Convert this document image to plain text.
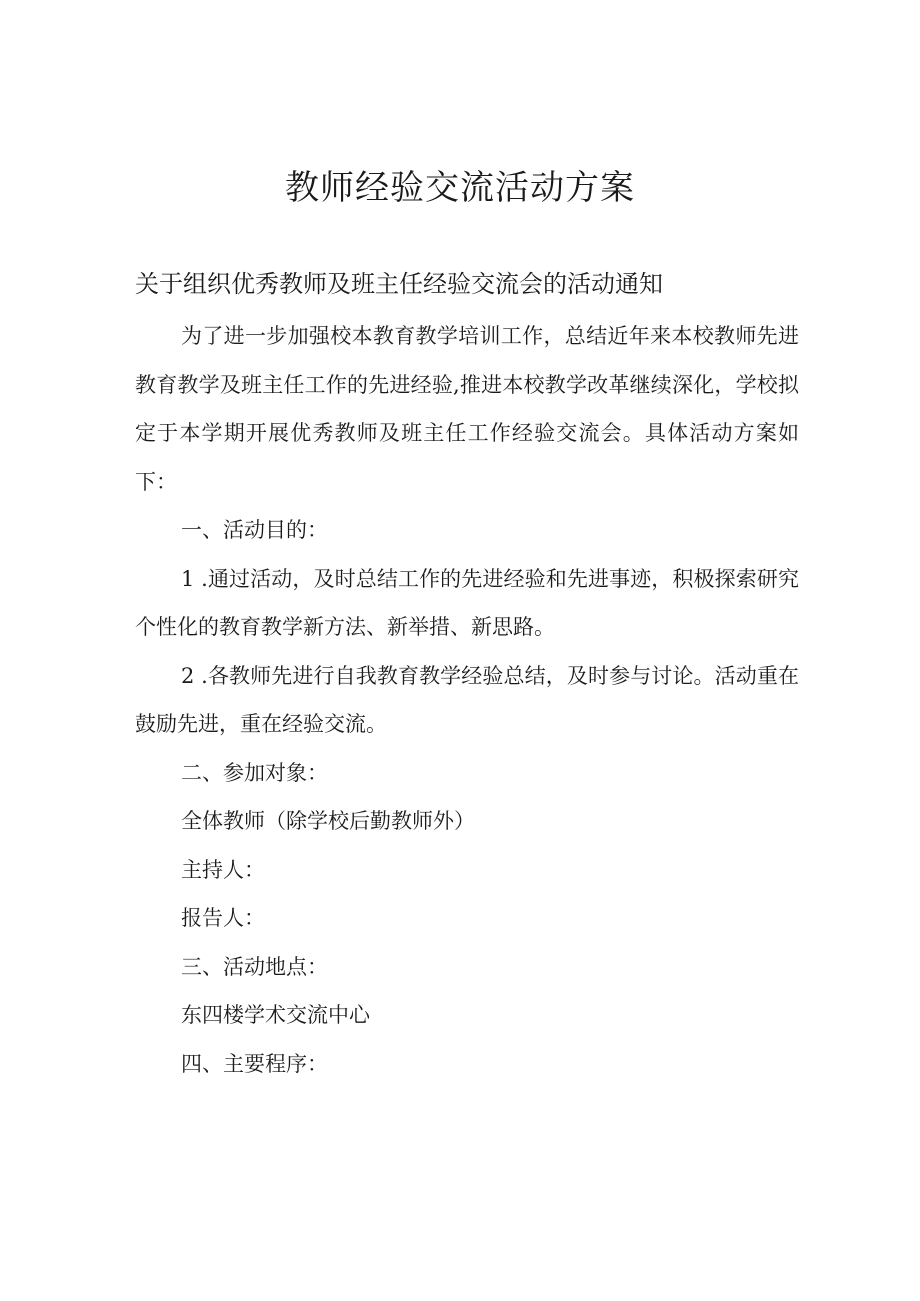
教师经验交流活动方案
关于组织优秀教师及班主任经验交流会的活动通知

为了进一步加强校本教育教学培训工作，总结近年来本校教师先进教育教学及班主任工作的先进经验,推进本校教学改革继续深化，学校拟定于本学期开展优秀教师及班主任工作经验交流会。具体活动方案如下：

一、活动目的：

1 .通过活动，及时总结工作的先进经验和先进事迹，积极探索研究个性化的教育教学新方法、新举措、新思路。

2 .各教师先进行自我教育教学经验总结，及时参与讨论。活动重在鼓励先进，重在经验交流。

二、参加对象：

全体教师（除学校后勤教师外）

主持人：

报告人：

三、活动地点：

东四楼学术交流中心

四、主要程序：
